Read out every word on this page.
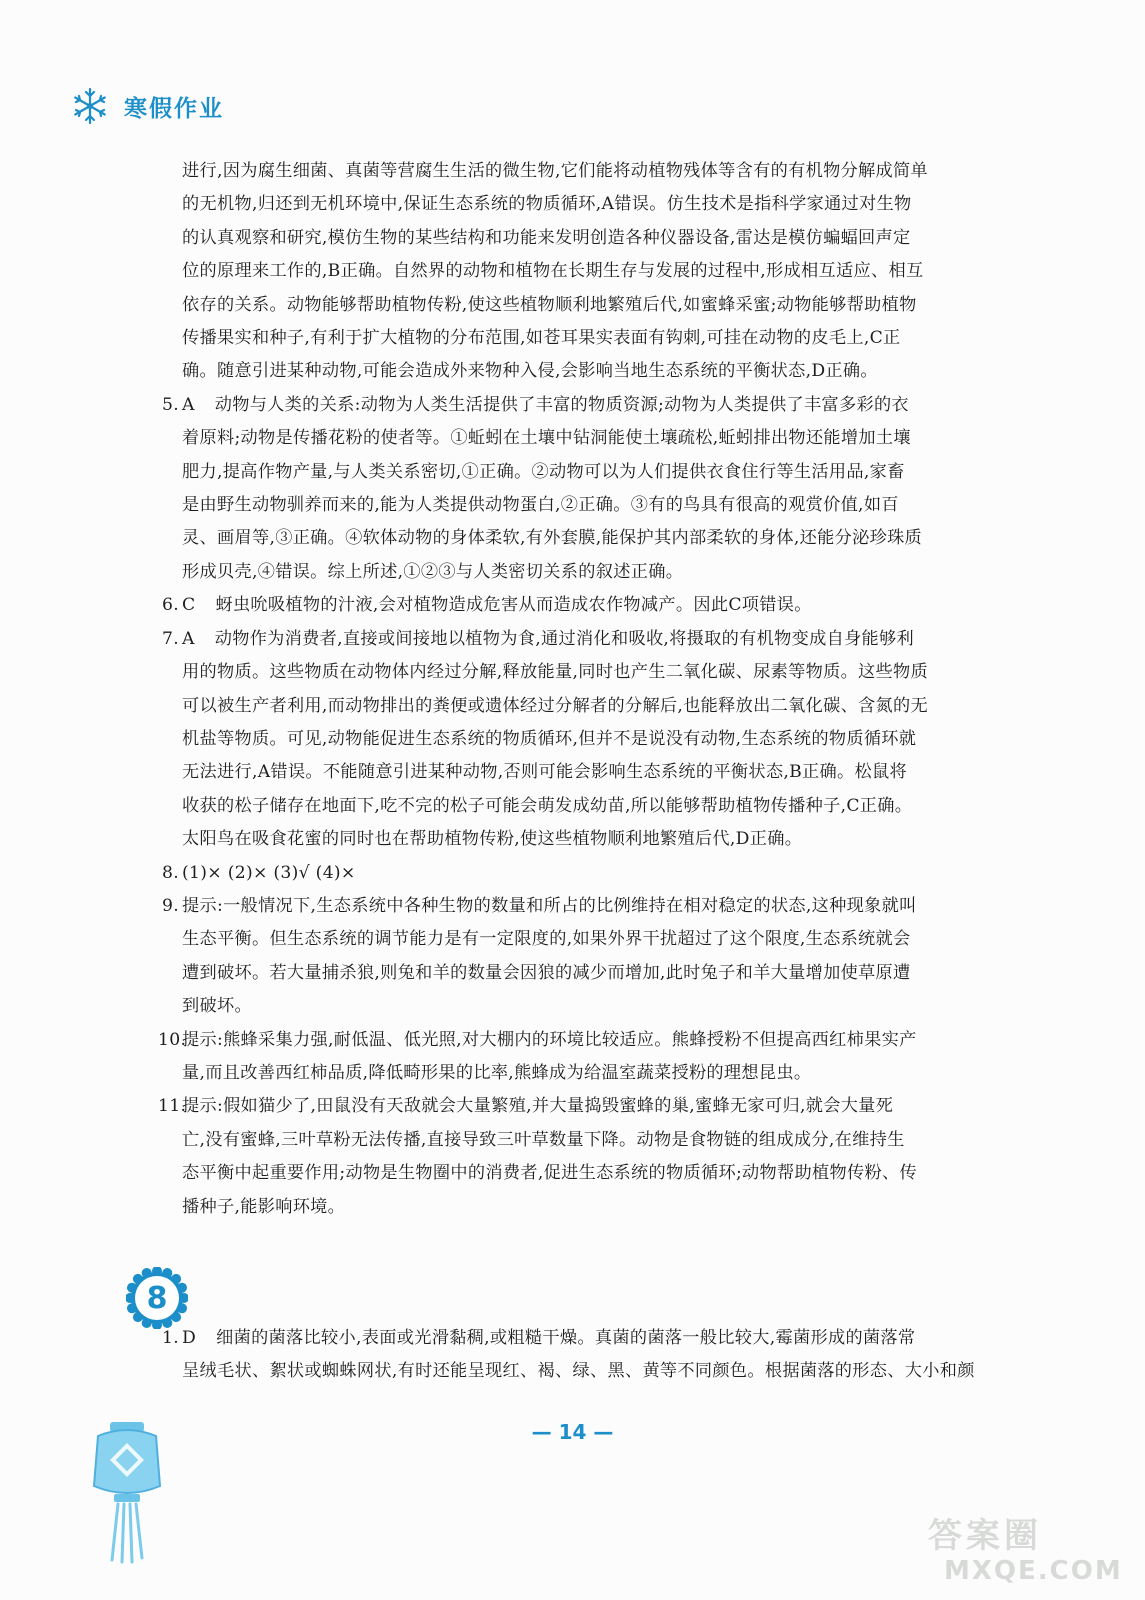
寒假作业

进行,因为腐生细菌、真菌等营腐生生活的微生物,它们能将动植物残体等含有的有机物分解成简单
的无机物,归还到无机环境中,保证生态系统的物质循环,A错误。仿生技术是指科学家通过对生物
的认真观察和研究,模仿生物的某些结构和功能来发明创造各种仪器设备,雷达是模仿蝙蝠回声定
位的原理来工作的,B正确。自然界的动物和植物在长期生存与发展的过程中,形成相互适应、相互
依存的关系。动物能够帮助植物传粉,使这些植物顺利地繁殖后代,如蜜蜂采蜜;动物能够帮助植物
传播果实和种子,有利于扩大植物的分布范围,如苍耳果实表面有钩刺,可挂在动物的皮毛上,C正
确。随意引进某种动物,可能会造成外来物种入侵,会影响当地生态系统的平衡状态,D正确。

5. A 动物与人类的关系:动物为人类生活提供了丰富的物质资源;动物为人类提供了丰富多彩的衣
着原料;动物是传播花粉的使者等。①蚯蚓在土壤中钻洞能使土壤疏松,蚯蚓排出物还能增加土壤
肥力,提高作物产量,与人类关系密切,①正确。②动物可以为人们提供衣食住行等生活用品,家畜
是由野生动物驯养而来的,能为人类提供动物蛋白,②正确。③有的鸟具有很高的观赏价值,如百
灵、画眉等,③正确。④软体动物的身体柔软,有外套膜,能保护其内部柔软的身体,还能分泌珍珠质
形成贝壳,④错误。综上所述,①②③与人类密切关系的叙述正确。
6. C 蚜虫吮吸植物的汁液,会对植物造成危害从而造成农作物减产。因此C项错误。
7. A 动物作为消费者,直接或间接地以植物为食,通过消化和吸收,将摄取的有机物变成自身能够利
用的物质。这些物质在动物体内经过分解,释放能量,同时也产生二氧化碳、尿素等物质。这些物质
可以被生产者利用,而动物排出的粪便或遗体经过分解者的分解后,也能释放出二氧化碳、含氮的无
机盐等物质。可见,动物能促进生态系统的物质循环,但并不是说没有动物,生态系统的物质循环就
无法进行,A错误。不能随意引进某种动物,否则可能会影响生态系统的平衡状态,B正确。松鼠将
收获的松子储存在地面下,吃不完的松子可能会萌发成幼苗,所以能够帮助植物传播种子,C正确。
太阳鸟在吸食花蜜的同时也在帮助植物传粉,使这些植物顺利地繁殖后代,D正确。
8. (1)× (2)× (3)√ (4)×
9. 提示:一般情况下,生态系统中各种生物的数量和所占的比例维持在相对稳定的状态,这种现象就叫
生态平衡。但生态系统的调节能力是有一定限度的,如果外界干扰超过了这个限度,生态系统就会
遭到破坏。若大量捕杀狼,则兔和羊的数量会因狼的减少而增加,此时兔子和羊大量增加使草原遭
到破坏。
10.
提示:熊蜂采集力强,耐低温、低光照,对大棚内的环境比较适应。熊蜂授粉不但提高西红柿果实产
量,而且改善西红柿品质,降低畸形果的比率,熊蜂成为给温室蔬菜授粉的理想昆虫。
11.
提示:假如猫少了,田鼠没有天敌就会大量繁殖,并大量捣毁蜜蜂的巢,蜜蜂无家可归,就会大量死
亡,没有蜜蜂,三叶草粉无法传播,直接导致三叶草数量下降。动物是食物链的组成成分,在维持生
态平衡中起重要作用;动物是生物圈中的消费者,促进生态系统的物质循环;动物帮助植物传粉、传
播种子,能影响环境。
1. D 细菌的菌落比较小,表面或光滑黏稠,或粗糙干燥。真菌的菌落一般比较大,霉菌形成的菌落常
呈绒毛状、絮状或蜘蛛网状,有时还能呈现红、褐、绿、黑、黄等不同颜色。根据菌落的形态、大小和颜
8
— 14 —
答案圈
MXQE.COM
